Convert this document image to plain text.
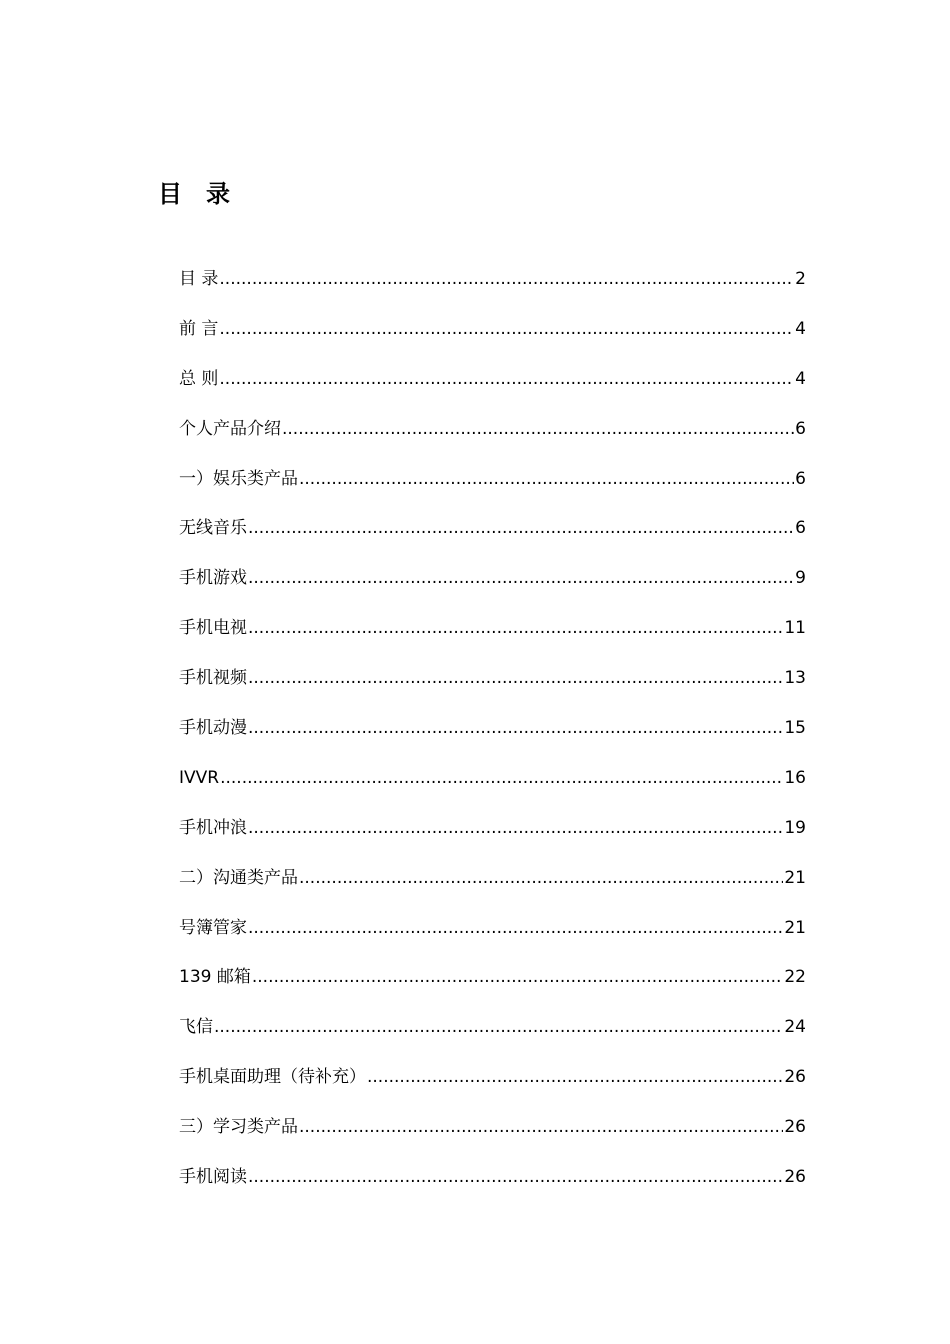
目　录
目 录 .....	2
前 言 .....	4
总 则 .....	4
个人产品介绍 .....	6
一）娱乐类产品 .....	6
无线音乐 .....	6
手机游戏 .....	9
手机电视 .....	11
手机视频 .....	13
手机动漫 .....	15
IVVR .....	16
手机冲浪 .....	19
二）沟通类产品 .....	21
号簿管家 .....	21
139 邮箱 .....	22
飞信 .....	24
手机桌面助理（待补充） .....	26
三）学习类产品 .....	26
手机阅读 .....	26
